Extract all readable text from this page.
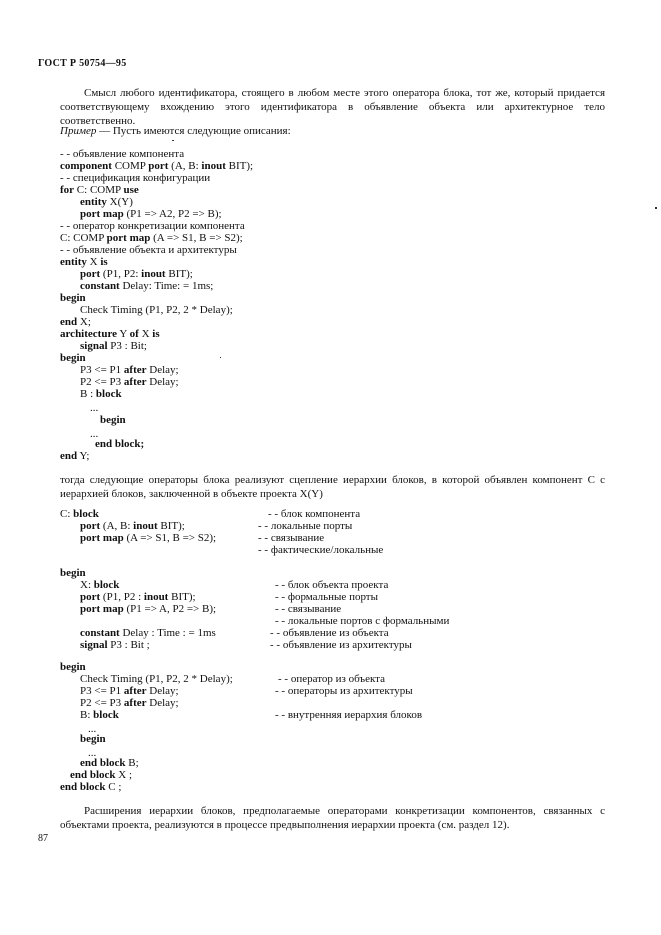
ГОСТ Р 50754—95
Смысл любого идентификатора, стоящего в любом месте этого оператора блока, тот же, который придается соответствующему вхождению этого идентификатора в объявление объекта или архитектурное тело соответственно.
Пример — Пусть имеются следующие описания:
- - объявление компонента
component COMP port (A, B: inout BIT);
- - спецификация конфигурации
for C: COMP use
entity X(Y)
port map (P1 => A2, P2 => B);
- - оператор конкретизации компонента
C: COMP port map (A => S1, B => S2);
- - объявление объекта и архитектуры
entity X is
port (P1, P2: inout BIT);
constant Delay: Time: = 1ms;
begin
Check Timing (P1, P2, 2 * Delay);
end X;
architecture Y of X is
signal P3 : Bit;
begin
P3 <= P1 after Delay;
P2 <= P3 after Delay;
B : block
...
begin
...
end block;
end Y;
тогда следующие операторы блока реализуют сцепление иерархии блоков, в которой объявлен компонент С с иерархией блоков, заключенной в объекте проекта X(Y)
C: block
port (A, B: inout BIT);
port map (A => S1, B => S2);
begin
X: block
port (P1, P2 : inout BIT);
port map (P1 => A, P2 => B);
constant Delay : Time : = 1ms
signal P3 : Bit ;
begin
Check Timing (P1, P2, 2 * Delay);
P3 <= P1 after Delay;
P2 <= P3 after Delay;
B: block
...
begin
...
end block B;
end block X ;
end block C ;
- - блок компонента
- - локальные порты
- - связывание
- - фактические/локальные
- - блок объекта проекта
- - формальные порты
- - связывание
- - локальные портов с формальными
- - объявление из объекта
- - объявление из архитектуры
- - оператор из объекта
- - операторы из архитектуры
- - внутренняя иерархия блоков
Расширения иерархии блоков, предполагаемые операторами конкретизации компонентов, связанных с объектами проекта, реализуются в процессе предвыполнения иерархии проекта (см. раздел 12).
87
